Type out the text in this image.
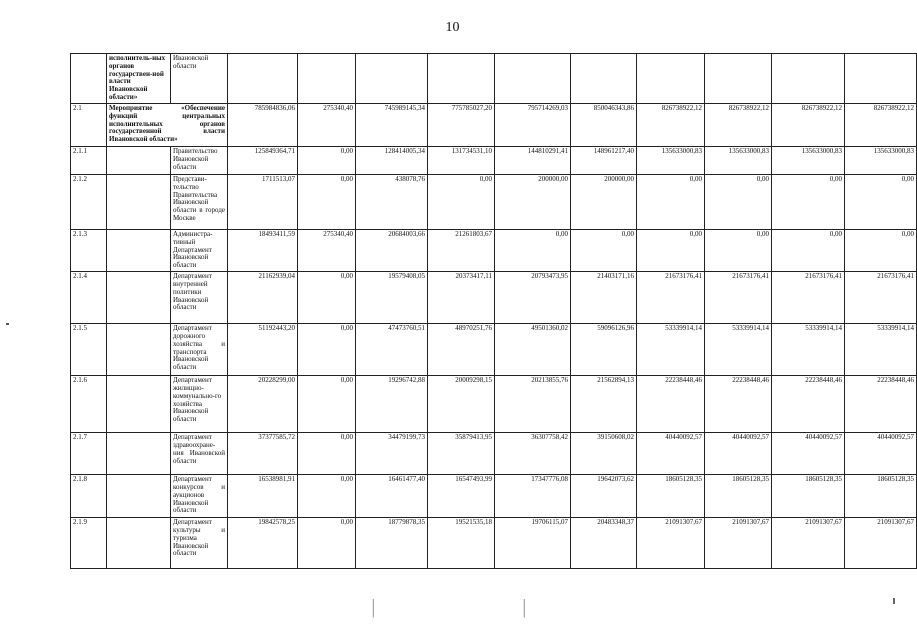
10
	исполнитель-ных органов государствен-ной власти Ивановской области»	Ивановской области										
2.1	Мероприятие «Обеспечение функций центральных исполнительных органов государственной власти Ивановской области»		785984836,06	275340,40	745989145,34	775785027,20	795714269,03	850046343,86	826738922,12	826738922,12	826738922,12	826738922,12
2.1.1		Правительство Ивановской области	125849364,71	0,00	128414005,34	131734531,10	144810291,41	148961217,40	135633000,83	135633000,83	135633000,83	135633000,83
2.1.2		Представи-тельство Правительства Ивановской области в городе Москве	1711513,07	0,00	438078,76	0,00	200000,00	200000,00	0,00	0,00	0,00	0,00
2.1.3		Администра-тивный Департамент Ивановской области	18493411,59	275340,40	20684003,66	21261803,67	0,00	0,00	0,00	0,00	0,00	0,00
2.1.4		Департамент внутренней политики Ивановской области	21162939,04	0,00	19579408,05	20373417,11	20793473,95	21403171,16	21673176,41	21673176,41	21673176,41	21673176,41
2.1.5		Департамент дорожного хозяйства и транспорта Ивановской области	51192443,20	0,00	47473760,51	48970251,76	49501360,02	59096126,96	53339914,14	53339914,14	53339914,14	53339914,14
2.1.6		Департамент жилищно-коммунально-го хозяйства Ивановской области	20228299,00	0,00	19296742,88	20009298,15	20213855,76	21562894,13	22238448,46	22238448,46	22238448,46	22238448,46
2.1.7		Департамент здравоохране-ния Ивановской области	37377585,72	0,00	34479199,73	35879413,95	36307758,42	39150608,02	40440092,57	40440092,57	40440092,57	40440092,57
2.1.8		Департамент конкурсов и аукционов Ивановской области	16538981,91	0,00	16461477,40	16547493,99	17347776,08	19642073,62	18605128,35	18605128,35	18605128,35	18605128,35
2.1.9		Департамент культуры и туризма Ивановской области	19842578,25	0,00	18779878,35	19521535,18	19706115,07	20483348,37	21091307,67	21091307,67	21091307,67	21091307,67
|	|
